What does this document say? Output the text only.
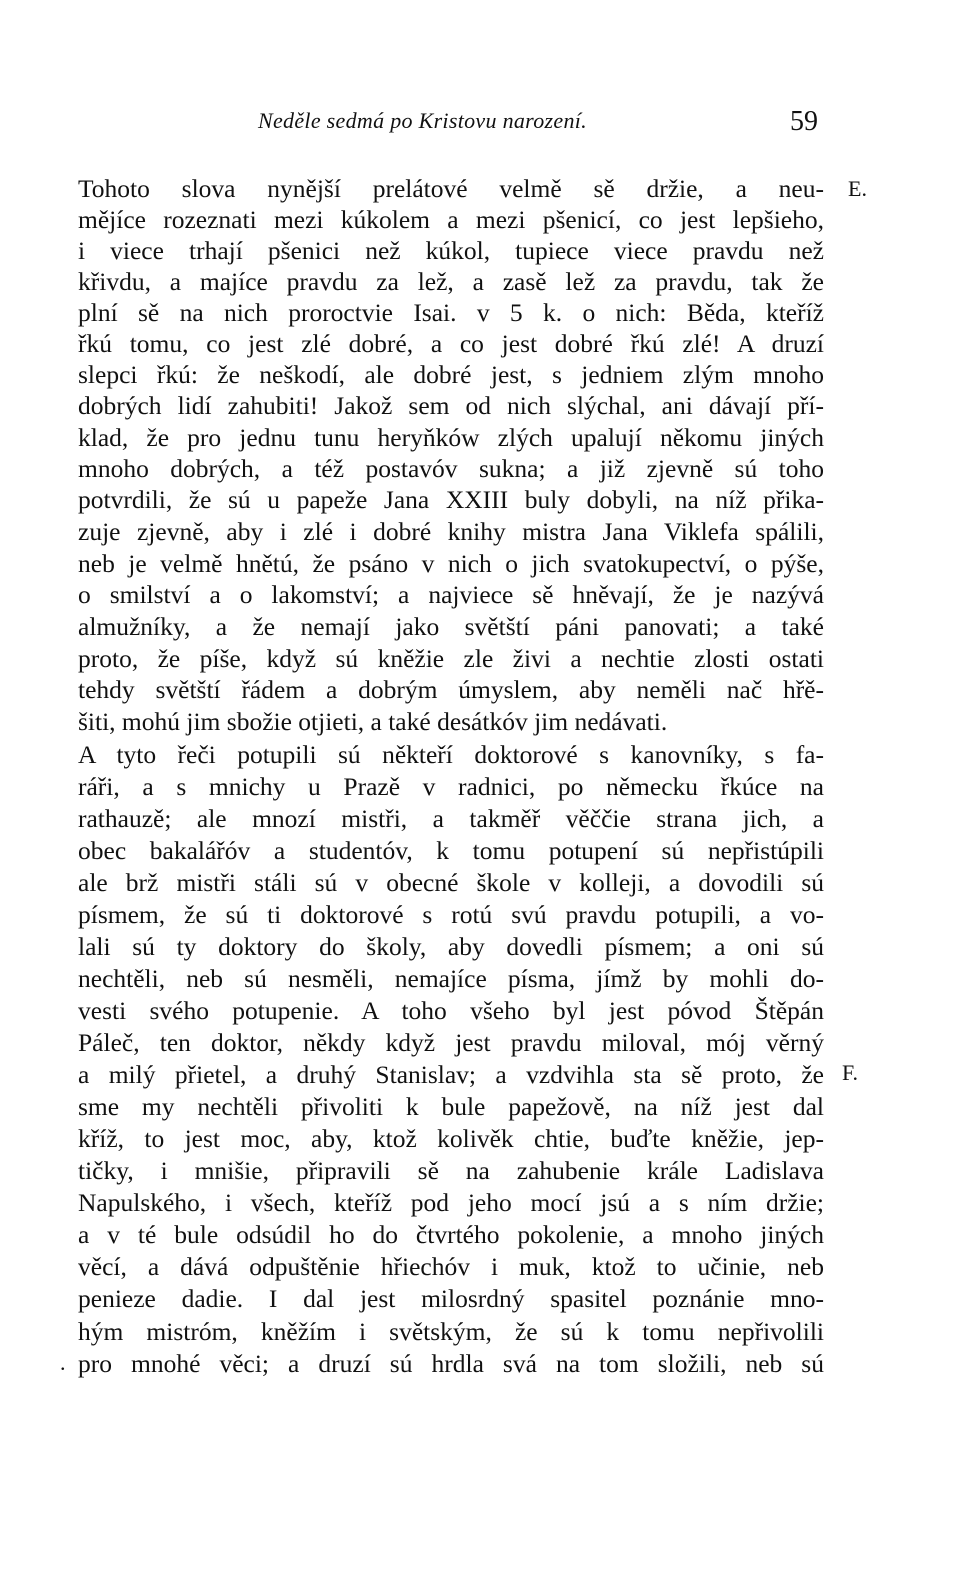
Neděle sedmá po Kristovu narození.	59
Tohoto slova nynější prelátové velmě sě držie, a neu-
mějíce rozeznati mezi kúkolem a mezi pšenicí, co jest lepšieho,
i viece trhají pšenici než kúkol, tupiece viece pravdu než
křivdu, a majíce pravdu za lež, a zasě lež za pravdu, tak že
plní sě na nich proroctvie Isai. v 5 k. o nich: Běda, kteříž
řkú tomu, co jest zlé dobré, a co jest dobré řkú zlé! A druzí
slepci řkú: že neškodí, ale dobré jest, s jedniem zlým mnoho
dobrých lidí zahubiti! Jakož sem od nich slýchal, ani dávají pří-
klad, že pro jednu tunu heryňków zlých upalují někomu jiných
mnoho dobrých, a též postavóv sukna; a již zjevně sú toho
potvrdili, že sú u papeže Jana XXIII buly dobyli, na níž přika-
zuje zjevně, aby i zlé i dobré knihy mistra Jana Viklefa spálili,
neb je velmě hnětú, že psáno v nich o jich svatokupectví, o pýše,
o smilství a o lakomství; a najviece sě hněvají, že je nazývá
almužníky, a že nemají jako světští páni panovati; a také
proto, že píše, když sú kněžie zle živi a nechtie zlosti ostati
tehdy světští řádem a dobrým úmyslem, aby neměli nač hřě-
šiti, mohú jim sbožie otjieti, a také desátkóv jim nedávati.
A tyto řeči potupili sú někteří doktorové s kanovníky, s fa-
ráři, a s mnichy u Prazě v radnici, po německu řkúce na
rathauzě; ale mnozí mistři, a takměř věččie strana jich, a
obec bakalářóv a studentóv, k tomu potupení sú nepřistúpili
ale brž mistři stáli sú v obecné škole v kolleji, a dovodili sú
písmem, že sú ti doktorové s rotú svú pravdu potupili, a vo-
lali sú ty doktory do školy, aby dovedli písmem; a oni sú
nechtěli, neb sú nesměli, nemajíce písma, jímž by mohli do-
vesti svého potupenie. A toho všeho byl jest póvod Štěpán
Páleč, ten doktor, někdy když jest pravdu miloval, mój věrný
a milý přietel, a druhý Stanislav; a vzdvihla sta sě proto, že
sme my nechtěli přivoliti k bule papežově, na níž jest dal
kříž, to jest moc, aby, ktož kolivěk chtie, buďte kněžie, jep-
tičky, i mnišie, připravili sě na zahubenie krále Ladislava
Napulského, i všech, kteříž pod jeho mocí jsú a s ním držie;
a v té bule odsúdil ho do čtvrtého pokolenie, a mnoho jiných
věcí, a dává odpuštěnie hřiechóv i muk, ktož to učinie, neb
penieze dadie. I dal jest milosrdný spasitel poznánie mno-
hým mistróm, kněžím i světským, že sú k tomu nepřivolili
pro mnohé věci; a druzí sú hrdla svá na tom složili, neb sú
E.
F.
.
